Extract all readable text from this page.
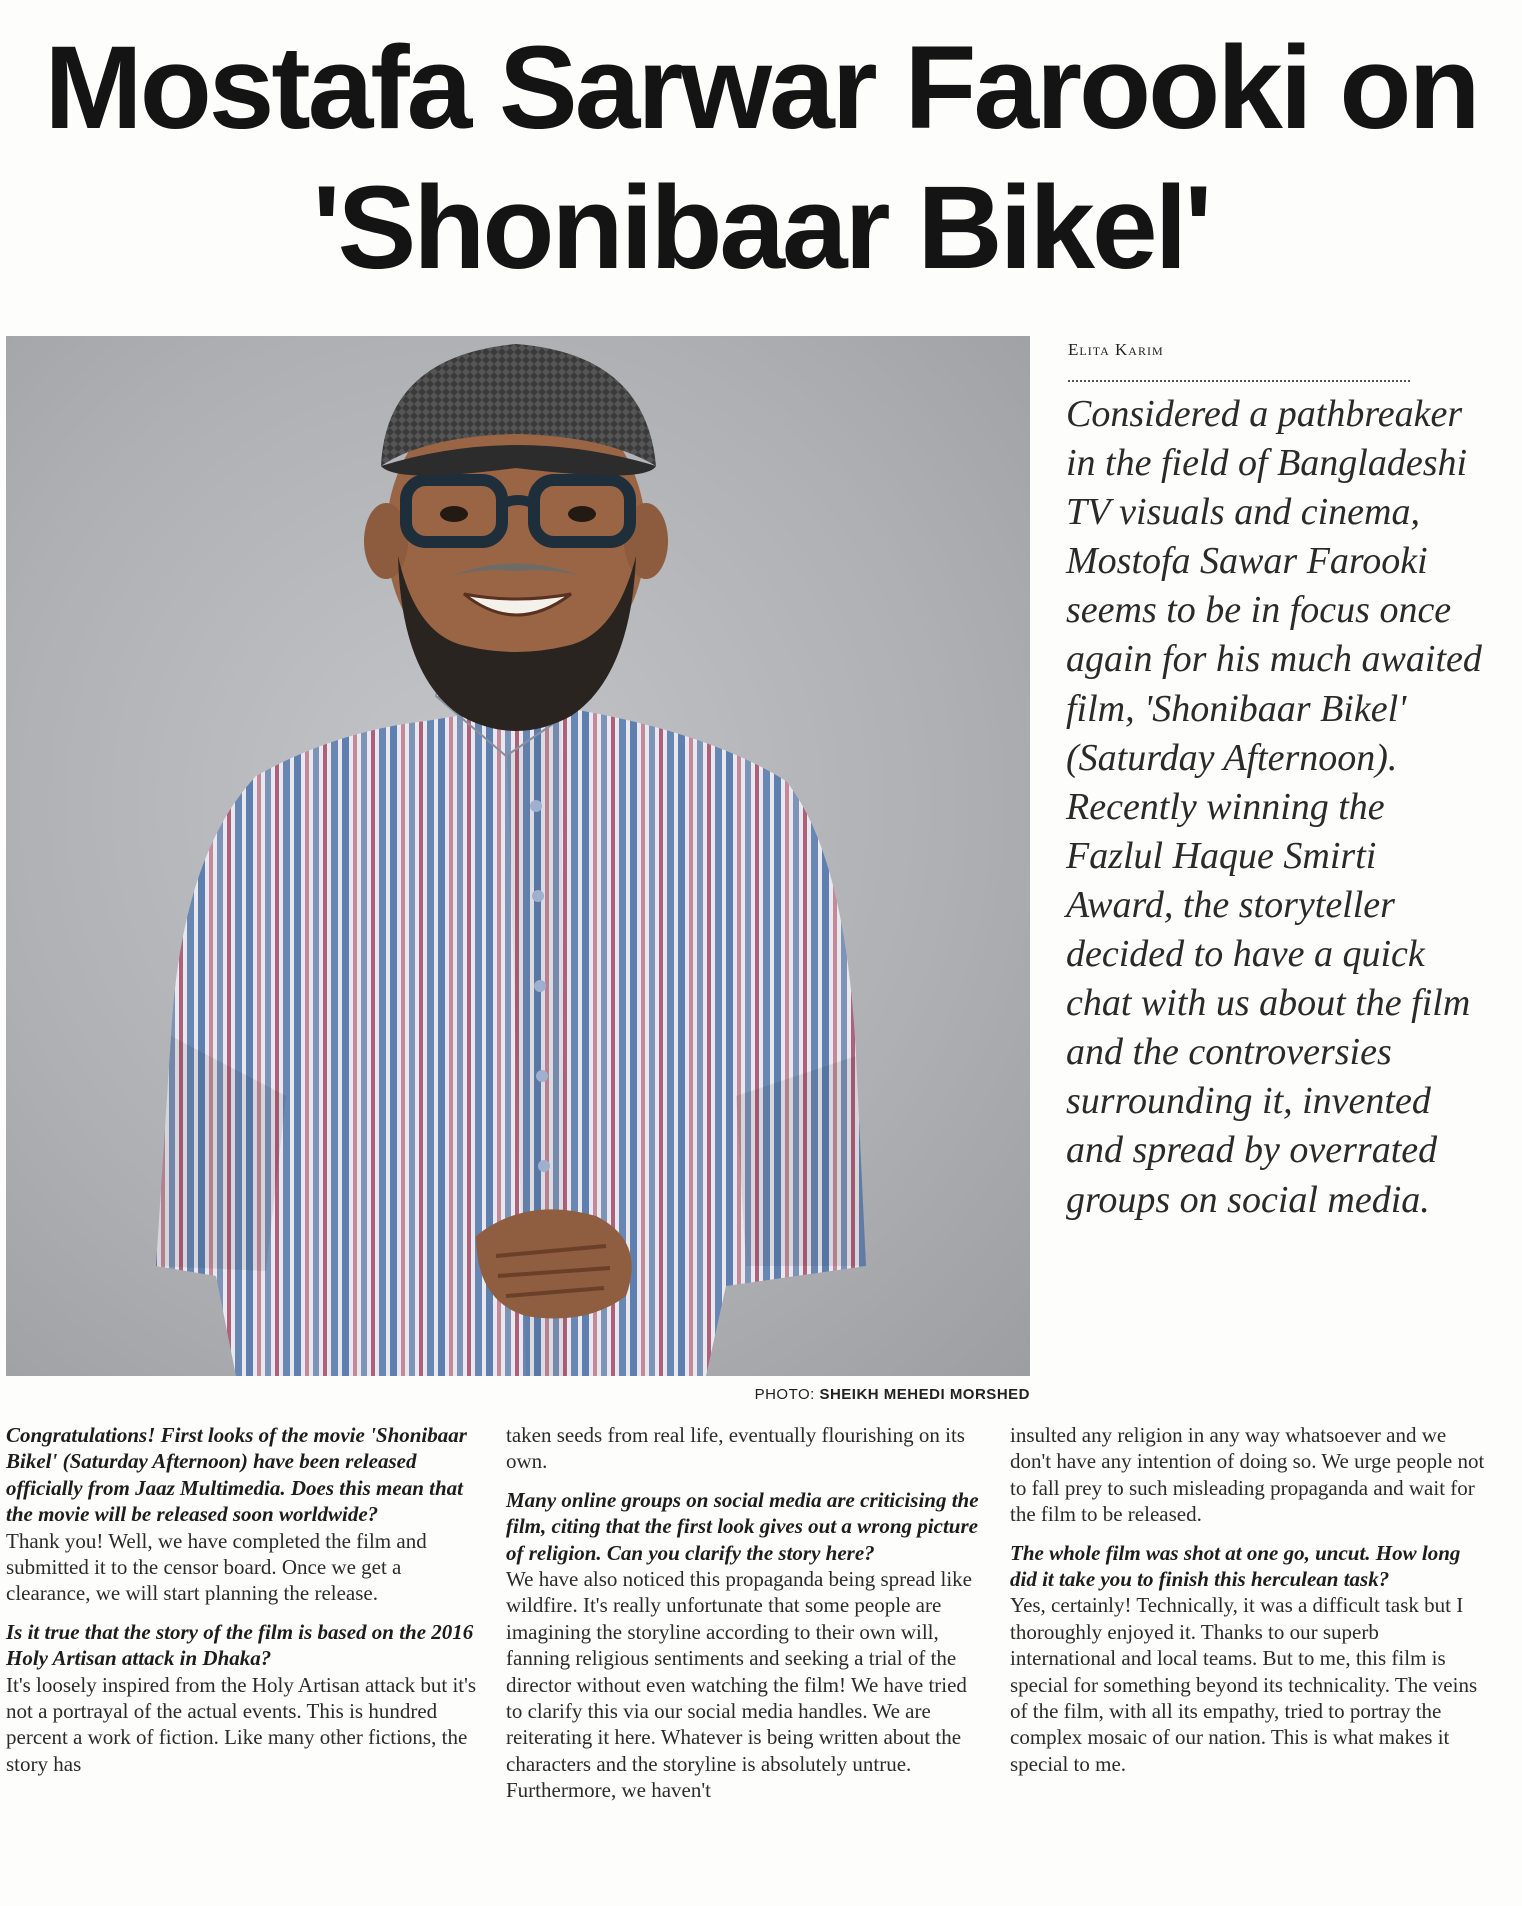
Mostafa Sarwar Farooki on
'Shonibaar Bikel'
PHOTO: SHEIKH MEHEDI MORSHED
Elita Karim

Considered a pathbreaker in the field of Bangladeshi TV visuals and cinema, Mostofa Sawar Farooki seems to be in focus once again for his much awaited film, 'Shonibaar Bikel' (Saturday Afternoon). Recently winning the Fazlul Haque Smirti Award, the storyteller decided to have a quick chat with us about the film and the controversies surrounding it, invented and spread by overrated groups on social media.

Congratulations! First looks of the movie 'Shonibaar Bikel' (Saturday Afternoon) have been released officially from Jaaz Multimedia. Does this mean that the movie will be released soon worldwide?

Thank you! Well, we have completed the film and submitted it to the censor board. Once we get a clearance, we will start planning the release.

Is it true that the story of the film is based on the 2016 Holy Artisan attack in Dhaka?

It's loosely inspired from the Holy Artisan attack but it's not a portrayal of the actual events. This is hundred percent a work of fiction. Like many other fictions, the story has

taken seeds from real life, eventually flourishing on its own.

Many online groups on social media are criticising the film, citing that the first look gives out a wrong picture of religion. Can you clarify the story here?

We have also noticed this propaganda being spread like wildfire. It's really unfortunate that some people are imagining the storyline according to their own will, fanning religious sentiments and seeking a trial of the director without even watching the film! We have tried to clarify this via our social media handles. We are reiterating it here. Whatever is being written about the characters and the storyline is absolutely untrue. Furthermore, we haven't

insulted any religion in any way whatsoever and we don't have any intention of doing so. We urge people not to fall prey to such misleading propaganda and wait for the film to be released.

The whole film was shot at one go, uncut. How long did it take you to finish this herculean task?

Yes, certainly! Technically, it was a difficult task but I thoroughly enjoyed it. Thanks to our superb international and local teams. But to me, this film is special for something beyond its technicality. The veins of the film, with all its empathy, tried to portray the complex mosaic of our nation. This is what makes it special to me.
